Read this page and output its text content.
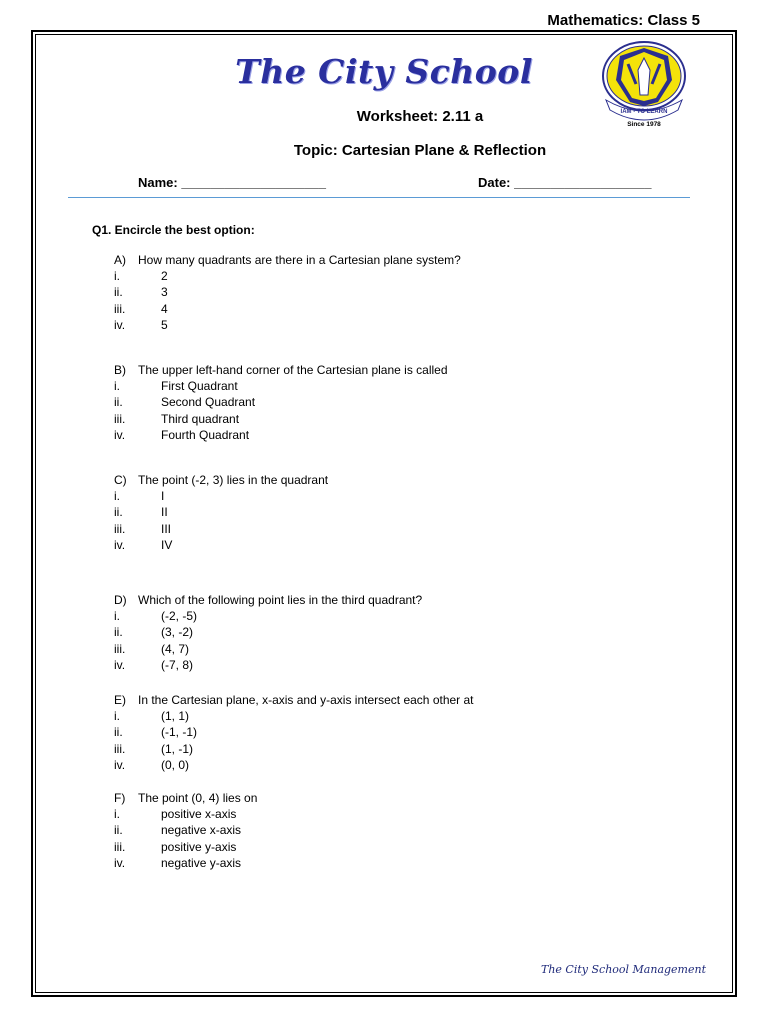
Mathematics: Class 5
The City School
IAM - TO LEARN
Since 1978
Worksheet: 2.11 a
Topic: Cartesian Plane & Reflection
Name: ____________________	Date: ___________________
Q1. Encircle the best option:
A) How many quadrants are there in a Cartesian plane system?
i.	2
ii.	3
iii.	4
iv.	5
B) The upper left-hand corner of the Cartesian plane is called
i.	First Quadrant
ii.	Second Quadrant
iii.	Third quadrant
iv.	Fourth Quadrant
C) The point (-2, 3) lies in the quadrant
i.	I
ii.	II
iii.	III
iv.	IV
D) Which of the following point lies in the third quadrant?
i.	(-2, -5)
ii.	(3, -2)
iii.	(4, 7)
iv.	(-7, 8)
E) In the Cartesian plane, x-axis and y-axis intersect each other at
i.	(1, 1)
ii.	(-1, -1)
iii.	(1, -1)
iv.	(0, 0)
F) The point (0, 4) lies on
i.	positive x-axis
ii.	negative x-axis
iii.	positive y-axis
iv.	negative y-axis
The City School Management
